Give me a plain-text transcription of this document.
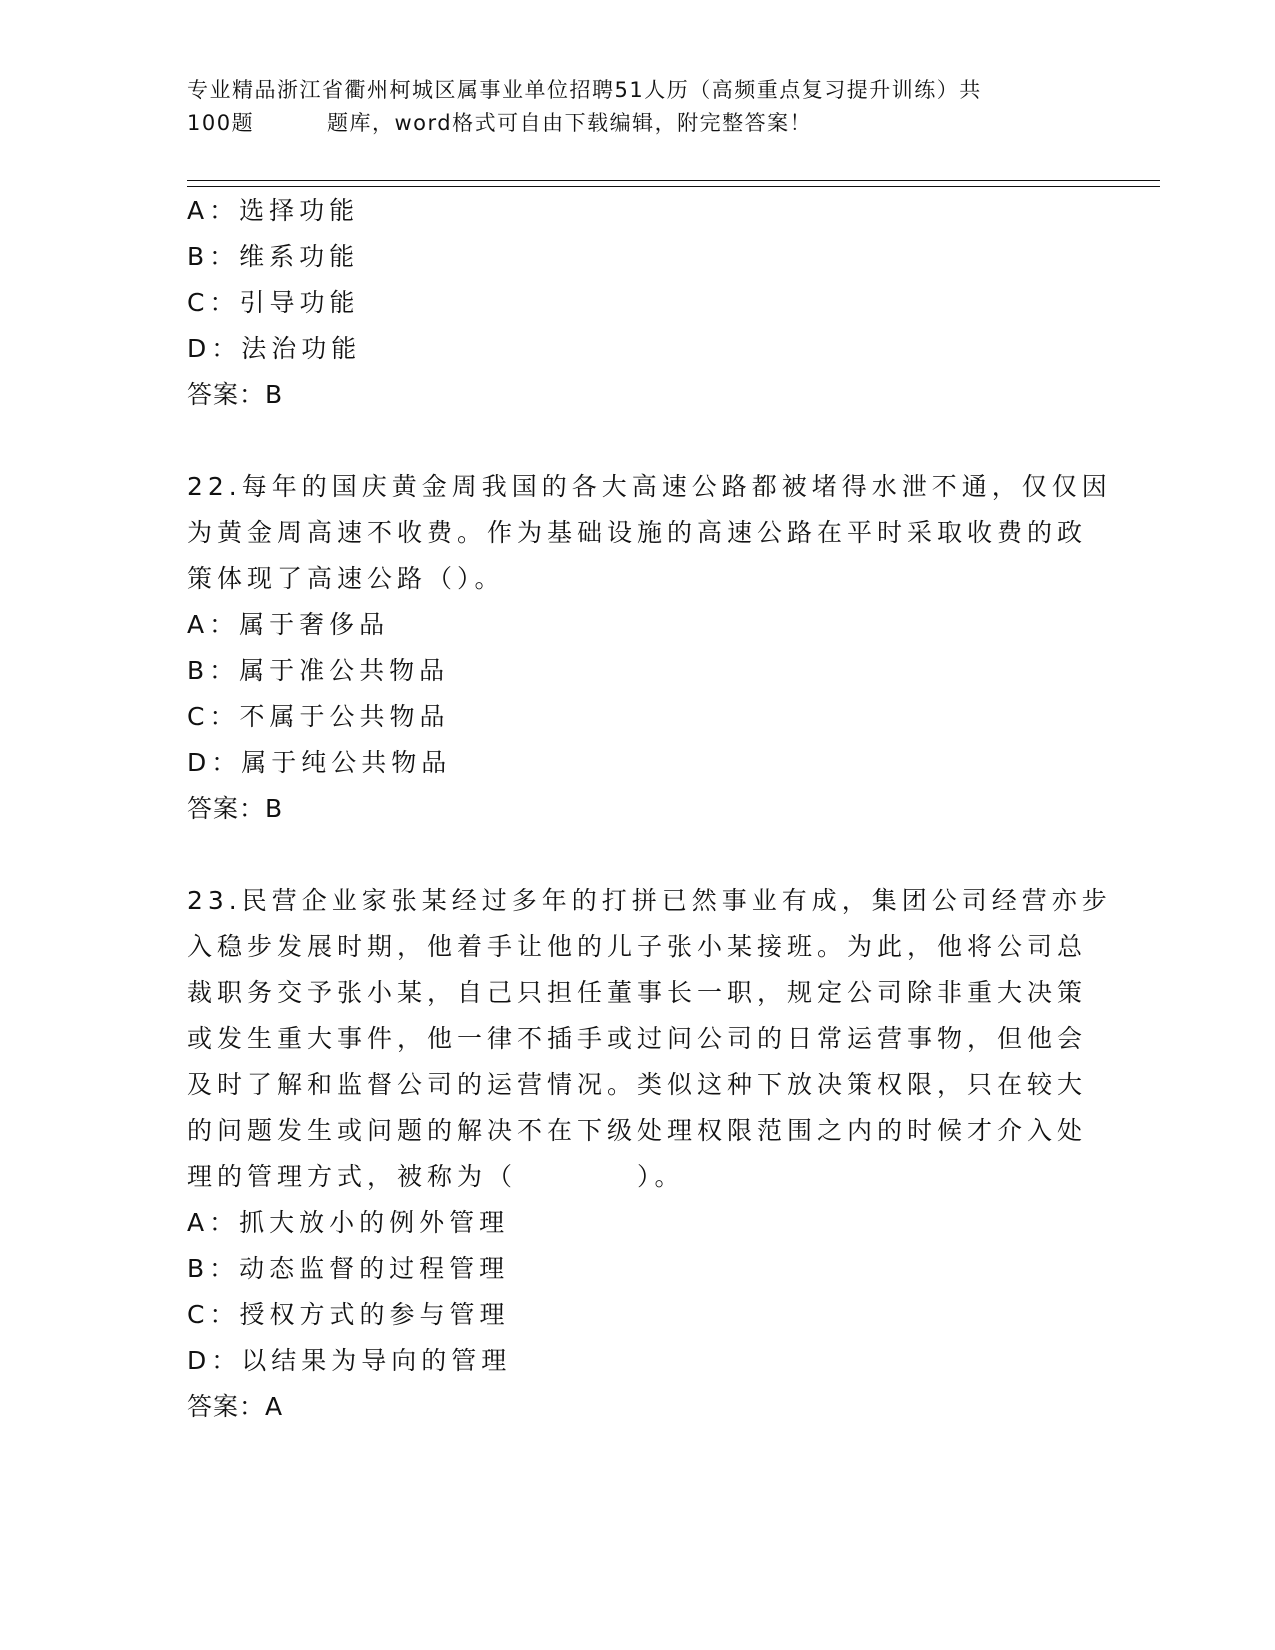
专业精品浙江省衢州柯城区属事业单位招聘51人历（高频重点复习提升训练）共
100题	题库，word格式可自由下载编辑，附完整答案！
A：选择功能
B：维系功能
C：引导功能
D：法治功能
答案：B
22.每年的国庆黄金周我国的各大高速公路都被堵得水泄不通，仅仅因
为黄金周高速不收费。作为基础设施的高速公路在平时采取收费的政
策体现了高速公路（）。
A：属于奢侈品
B：属于准公共物品
C：不属于公共物品
D：属于纯公共物品
答案：B
23.民营企业家张某经过多年的打拼已然事业有成，集团公司经营亦步
入稳步发展时期，他着手让他的儿子张小某接班。为此，他将公司总
裁职务交予张小某，自己只担任董事长一职，规定公司除非重大决策
或发生重大事件，他一律不插手或过问公司的日常运营事物，但他会
及时了解和监督公司的运营情况。类似这种下放决策权限，只在较大
的问题发生或问题的解决不在下级处理权限范围之内的时候才介入处
理的管理方式，被称为（　　　　）。
A：抓大放小的例外管理
B：动态监督的过程管理
C：授权方式的参与管理
D：以结果为导向的管理
答案：A
